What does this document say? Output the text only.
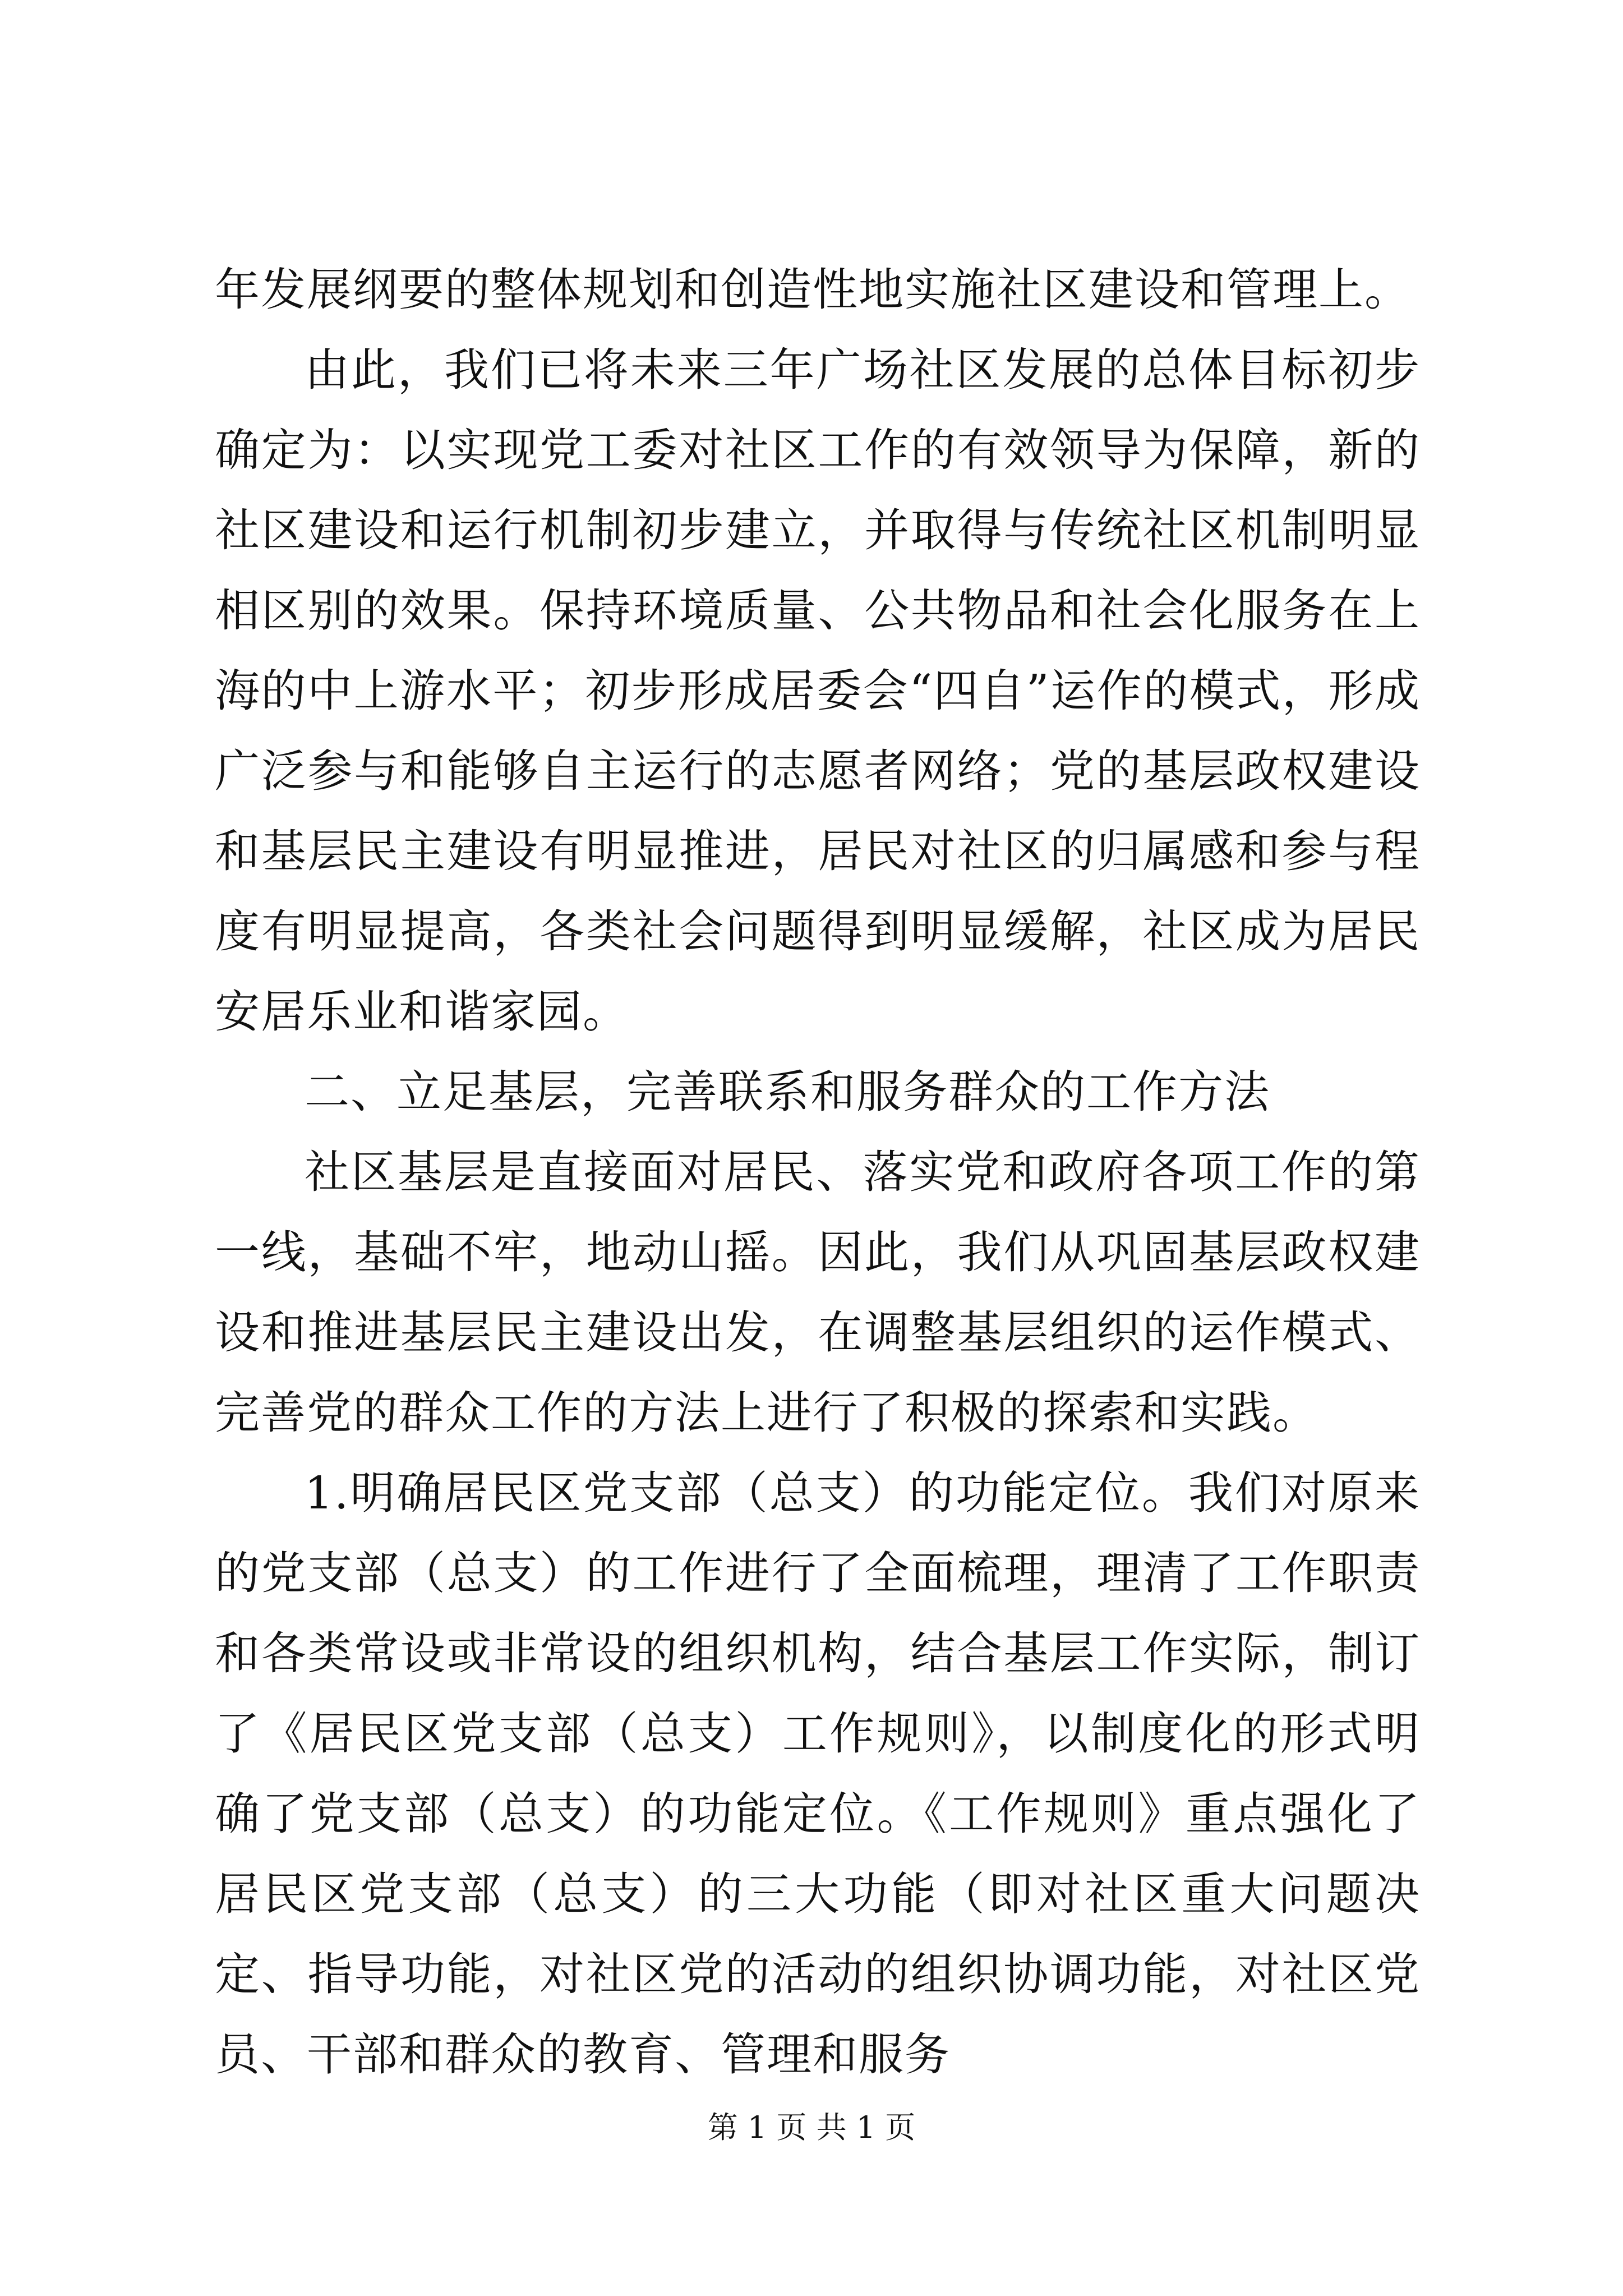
年发展纲要的整体规划和创造性地实施社区建设和管理上。

由此，我们已将未来三年广场社区发展的总体目标初步确定为：以实现党工委对社区工作的有效领导为保障，新的社区建设和运行机制初步建立，并取得与传统社区机制明显相区别的效果。保持环境质量、公共物品和社会化服务在上海的中上游水平；初步形成居委会“四自”运作的模式，形成广泛参与和能够自主运行的志愿者网络；党的基层政权建设和基层民主建设有明显推进，居民对社区的归属感和参与程度有明显提高，各类社会问题得到明显缓解，社区成为居民安居乐业和谐家园。

二、立足基层，完善联系和服务群众的工作方法

社区基层是直接面对居民、落实党和政府各项工作的第一线，基础不牢，地动山摇。因此，我们从巩固基层政权建设和推进基层民主建设出发，在调整基层组织的运作模式、完善党的群众工作的方法上进行了积极的探索和实践。

1.明确居民区党支部（总支）的功能定位。我们对原来的党支部（总支）的工作进行了全面梳理，理清了工作职责和各类常设或非常设的组织机构，结合基层工作实际，制订了《居民区党支部（总支）工作规则》，以制度化的形式明确了党支部（总支）的功能定位。《工作规则》重点强化了居民区党支部（总支）的三大功能（即对社区重大问题决定、指导功能，对社区党的活动的组织协调功能，对社区党员、干部和群众的教育、管理和服务

第 1 页 共 1 页
